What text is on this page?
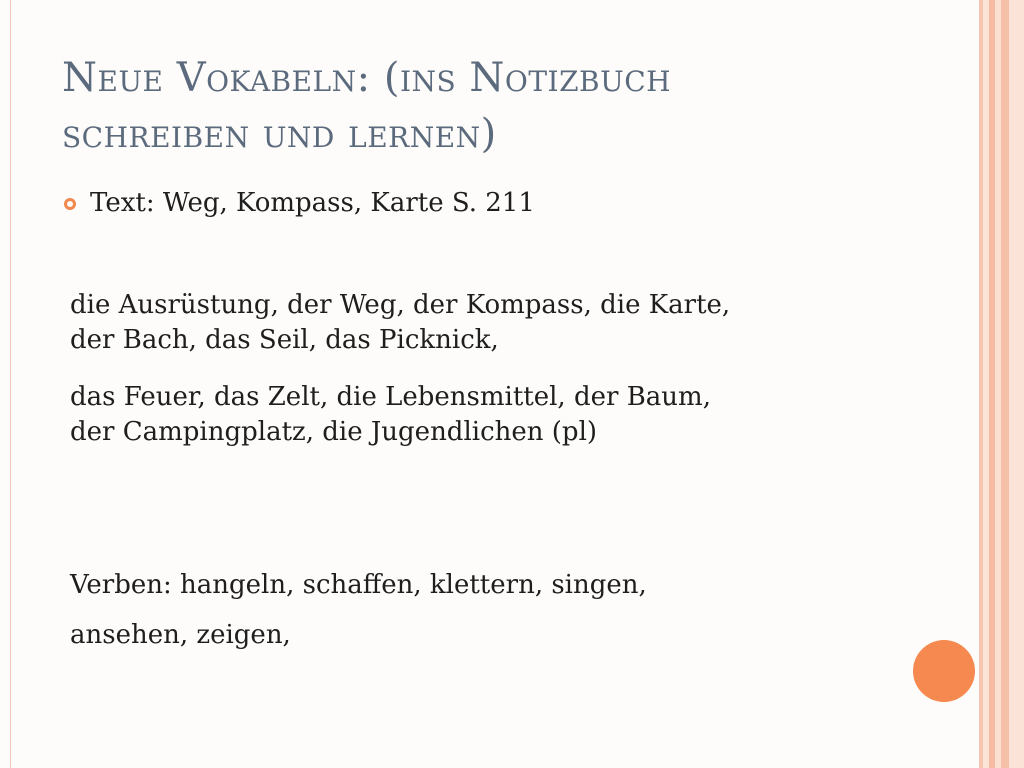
Neue Vokabeln: (ins Notizbuch
schreiben und lernen)
Text: Weg, Kompass, Karte S. 211

die Ausrüstung, der Weg, der Kompass, die Karte,
der Bach, das Seil, das Picknick,

das Feuer, das Zelt, die Lebensmittel, der Baum,
der Campingplatz, die Jugendlichen (pl)

Verben: hangeln, schaffen, klettern, singen,

ansehen, zeigen,
